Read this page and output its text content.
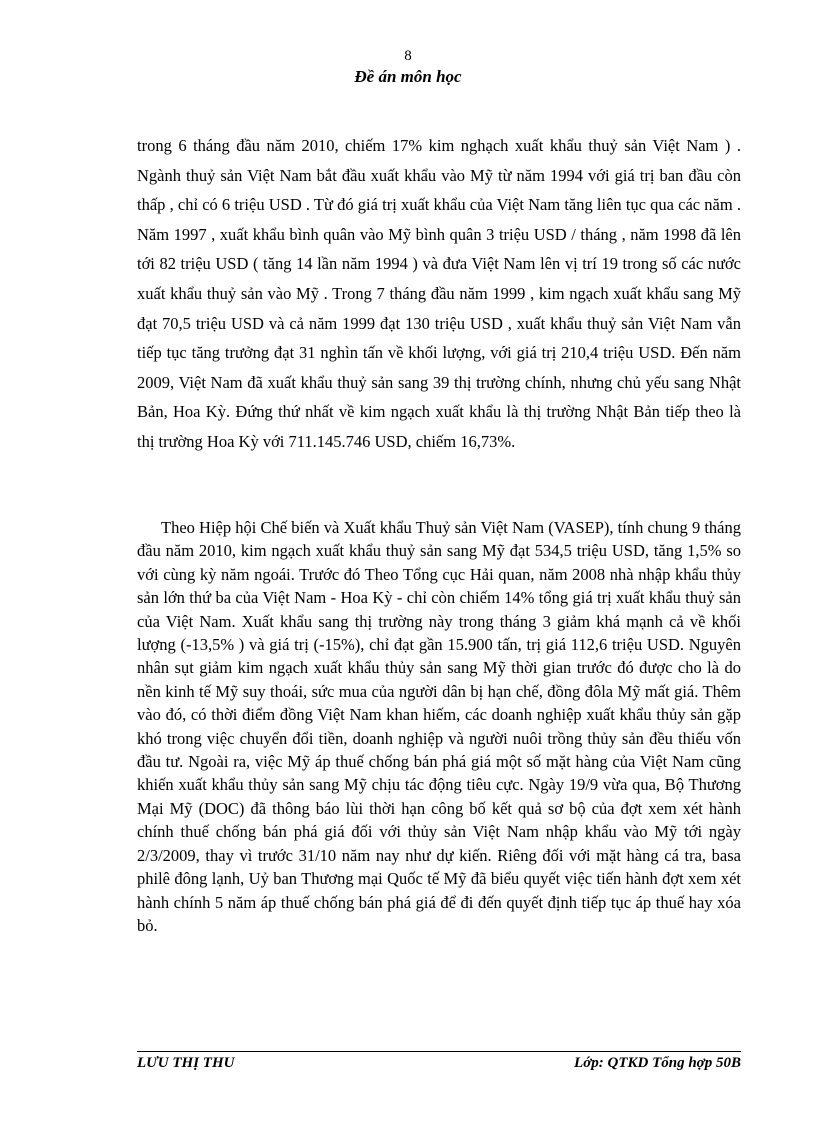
8
Đề án môn học

trong 6 tháng đầu năm 2010, chiếm 17% kim nghạch xuất khẩu thuỷ sản Việt Nam ) . Ngành thuỷ sản Việt Nam bắt đầu xuất khẩu vào Mỹ từ năm 1994 với giá trị ban đầu còn thấp , chỉ có 6 triệu USD . Từ đó giá trị xuất khẩu của Việt Nam tăng liên tục qua các năm . Năm 1997 , xuất khẩu bình quân vào Mỹ bình quân 3 triệu USD / tháng , năm 1998 đã lên tới 82 triệu USD ( tăng 14 lần năm 1994 ) và đưa Việt Nam lên vị trí 19 trong số các nước xuất khẩu thuỷ sản vào Mỹ . Trong 7 tháng đầu năm 1999 , kim ngạch xuất khẩu sang Mỹ đạt 70,5 triệu USD và cả năm 1999 đạt 130 triệu USD , xuất khẩu thuỷ sản Việt Nam vẫn tiếp tục tăng trưởng đạt 31 nghìn tấn về khối lượng, với giá trị 210,4 triệu USD. Đến năm 2009, Việt Nam đã xuất khẩu thuỷ sản sang 39 thị trường chính, nhưng chủ yếu sang Nhật Bản, Hoa Kỳ. Đứng thứ nhất về kim ngạch xuất khẩu là thị trường Nhật Bản tiếp theo là thị trường Hoa Kỳ với 711.145.746 USD, chiếm 16,73%.

Theo Hiệp hội Chế biến và Xuất khẩu Thuỷ sản Việt Nam (VASEP), tính chung 9 tháng đầu năm 2010, kim ngạch xuất khẩu thuỷ sản sang Mỹ đạt 534,5 triệu USD, tăng 1,5% so với cùng kỳ năm ngoái. Trước đó Theo Tổng cục Hải quan, năm 2008 nhà nhập khẩu thủy sản lớn thứ ba của Việt Nam - Hoa Kỳ - chỉ còn chiếm 14% tổng giá trị xuất khẩu thuỷ sản của Việt Nam. Xuất khẩu sang thị trường này trong tháng 3 giảm khá mạnh cả về khối lượng (-13,5% ) và giá trị (-15%), chỉ đạt gần 15.900 tấn, trị giá 112,6 triệu USD. Nguyên nhân sụt giảm kim ngạch xuất khẩu thủy sản sang Mỹ thời gian trước đó được cho là do nền kinh tế Mỹ suy thoái, sức mua của người dân bị hạn chế, đồng đôla Mỹ mất giá. Thêm vào đó, có thời điểm đồng Việt Nam khan hiếm, các doanh nghiệp xuất khẩu thủy sản gặp khó trong việc chuyển đổi tiền, doanh nghiệp và người nuôi trồng thủy sản đều thiếu vốn đầu tư. Ngoài ra, việc Mỹ áp thuế chống bán phá giá một số mặt hàng của Việt Nam cũng khiến xuất khẩu thủy sản sang Mỹ chịu tác động tiêu cực. Ngày 19/9 vừa qua, Bộ Thương Mại Mỹ (DOC) đã thông báo lùi thời hạn công bố kết quả sơ bộ của đợt xem xét hành chính thuế chống bán phá giá đối với thủy sản Việt Nam nhập khẩu vào Mỹ tới ngày 2/3/2009, thay vì trước 31/10 năm nay như dự kiến. Riêng đối với mặt hàng cá tra, basa philê đông lạnh, Uỷ ban Thương mại Quốc tế Mỹ đã biểu quyết việc tiến hành đợt xem xét hành chính 5 năm áp thuế chống bán phá giá để đi đến quyết định tiếp tục áp thuế hay xóa bỏ.

LƯU THỊ THU	Lớp: QTKD Tổng hợp 50B
